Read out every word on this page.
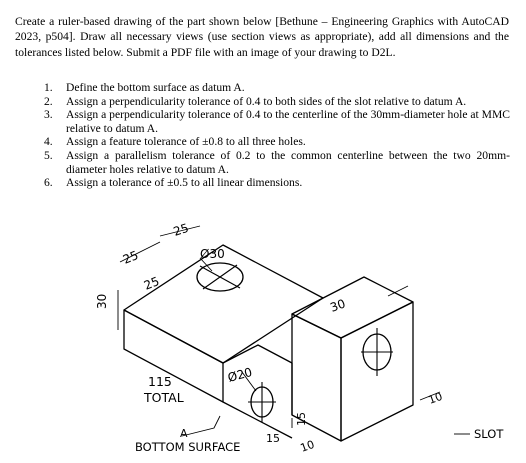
Create a ruler-based drawing of the part shown below [Bethune – Engineering Graphics with AutoCAD 2023, p504]. Draw all necessary views (use section views as appropriate), add all dimensions and the tolerances listed below. Submit a PDF file with an image of your drawing to D2L.

1. Define the bottom surface as datum A.
2. Assign a perpendicularity tolerance of 0.4 to both sides of the slot relative to datum A.
3. Assign a perpendicularity tolerance of 0.4 to the centerline of the 30mm-diameter hole at MMC relative to datum A.
4. Assign a feature tolerance of ±0.8 to all three holes.
5. Assign a parallelism tolerance of 0.2 to the common centerline between the two 20mm-diameter holes relative to datum A.
6. Assign a tolerance of ±0.5 to all linear dimensions.
25
25
25
30
Ø30
30
Ø20
115
TOTAL
A
BOTTOM SURFACE
15
15 10
10
SLOT
